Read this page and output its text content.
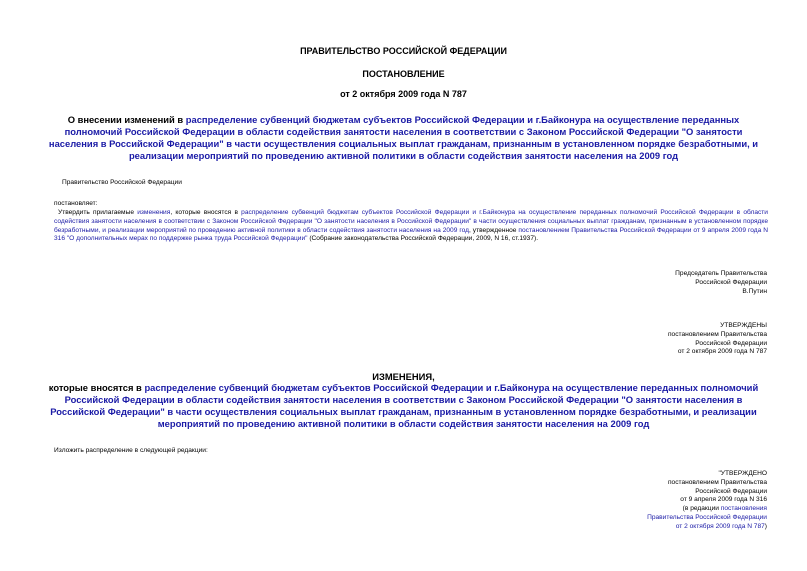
ПРАВИТЕЛЬСТВО РОССИЙСКОЙ ФЕДЕРАЦИИ
ПОСТАНОВЛЕНИЕ
от 2 октября 2009 года N 787
О внесении изменений в распределение субвенций бюджетам субъектов Российской Федерации и г.Байконура на осуществление переданных полномочий Российской Федерации в области содействия занятости населения в соответствии с Законом Российской Федерации "О занятости населения в Российской Федерации" в части осуществления социальных выплат гражданам, признанным в установленном порядке безработными, и реализации мероприятий по проведению активной политики в области содействия занятости населения на 2009 год
Правительство Российской Федерации
постановляет:
Утвердить прилагаемые изменения, которые вносятся в распределение субвенций бюджетам субъектов Российской Федерации и г.Байконура на осуществление переданных полномочий Российской Федерации в области содействия занятости населения в соответствии с Законом Российской Федерации "О занятости населения в Российской Федерации" в части осуществления социальных выплат гражданам, признанным в установленном порядке безработными, и реализации мероприятий по проведению активной политики в области содействия занятости населения на 2009 год, утвержденное постановлением Правительства Российской Федерации от 9 апреля 2009 года N 316 "О дополнительных мерах по поддержке рынка труда Российской Федерации" (Собрание законодательства Российской Федерации, 2009, N 16, ст.1937).
Председатель Правительства
Российской Федерации
В.Путин
УТВЕРЖДЕНЫ
постановлением Правительства
Российской Федерации
от 2 октября 2009 года N 787
ИЗМЕНЕНИЯ,
которые вносятся в распределение субвенций бюджетам субъектов Российской Федерации и г.Байконура на осуществление переданных полномочий Российской Федерации в области содействия занятости населения в соответствии с Законом Российской Федерации "О занятости населения в Российской Федерации" в части осуществления социальных выплат гражданам, признанным в установленном порядке безработными, и реализации мероприятий по проведению активной политики в области содействия занятости населения на 2009 год
Изложить распределение в следующей редакции:
"УТВЕРЖДЕНО
постановлением Правительства
Российской Федерации
от 9 апреля 2009 года N 316
(в редакции постановления
Правительства Российской Федерации
от 2 октября 2009 года N 787)
